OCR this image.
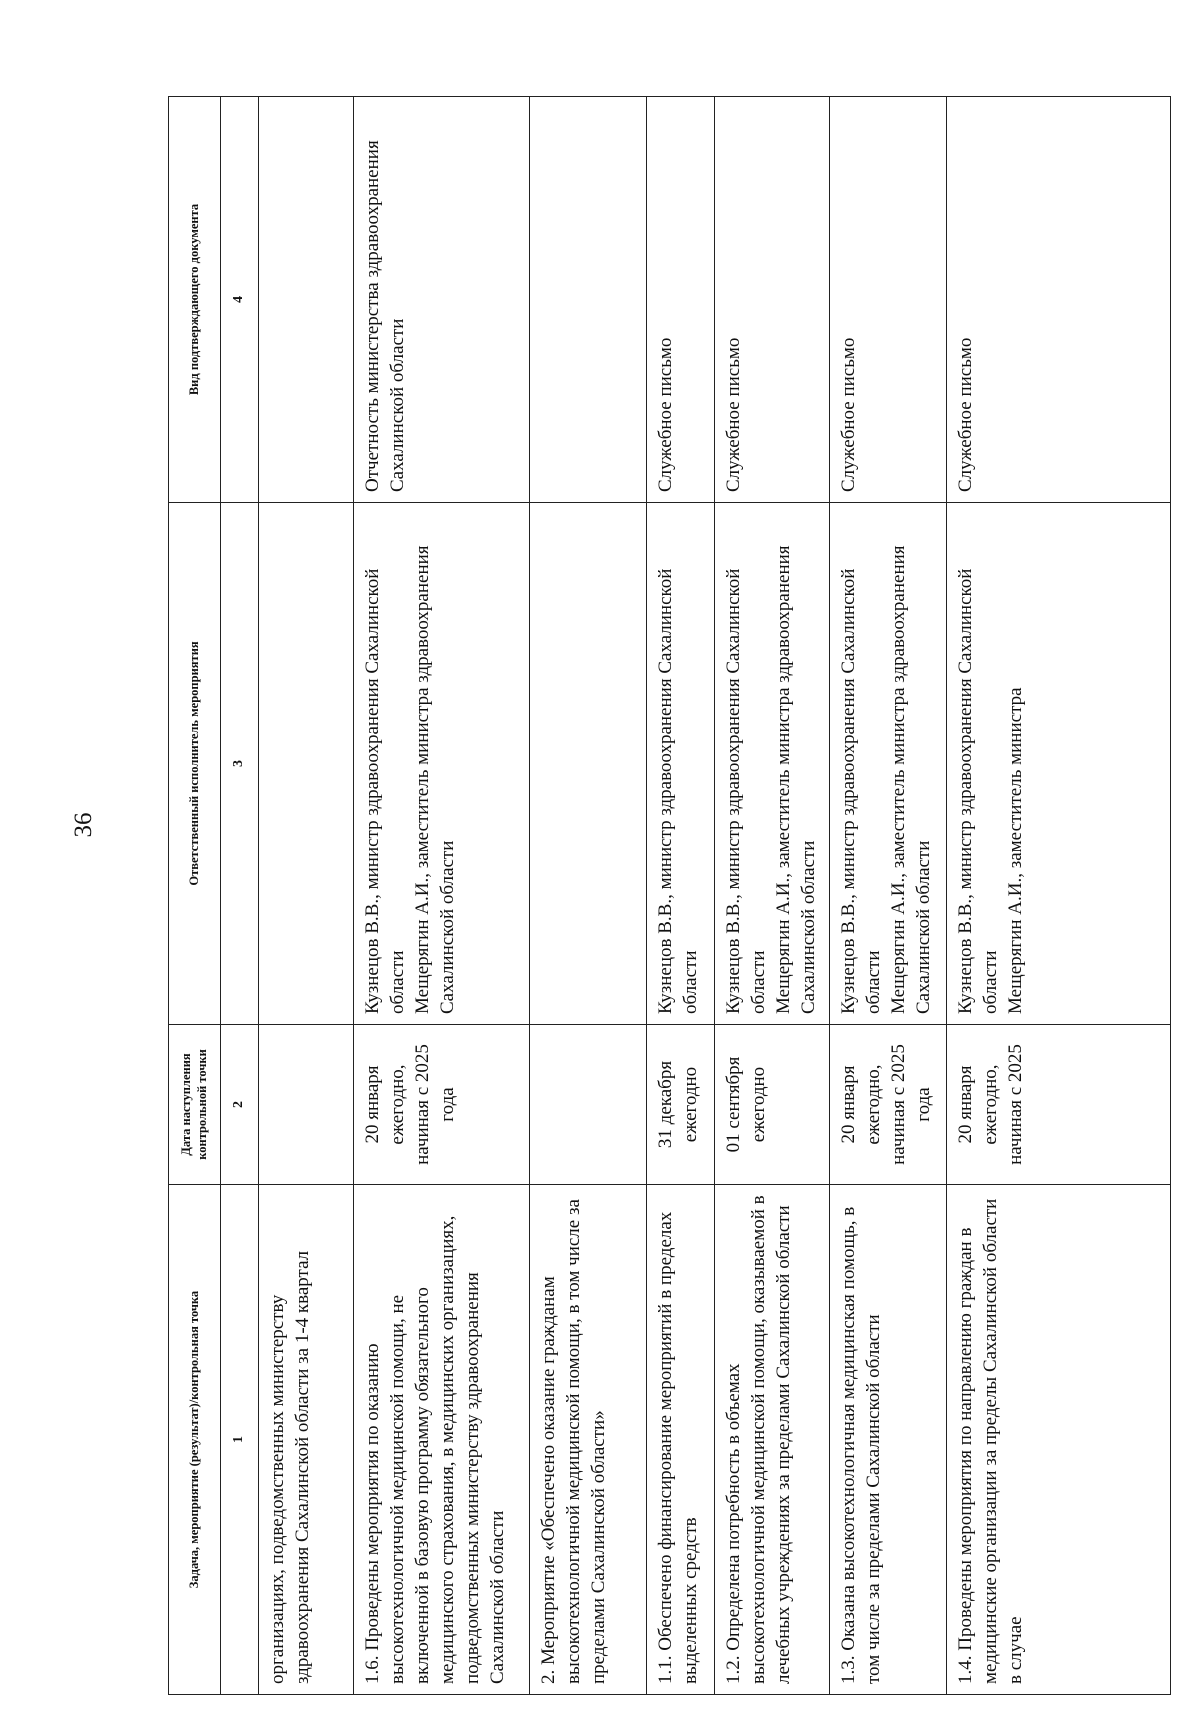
36
Задача, мероприятие (результат)/контрольная точка	Дата наступления контрольной точки	Ответственный исполнитель мероприятия	Вид подтверждающего документа
1	2	3	4
организациях, подведомственных министерству здравоохранения Сахалинской области за 1-4 квартал		

1.6. Проведены мероприятия по оказанию высокотехнологичной медицинской помощи, не включенной в базовую программу обязательного медицинского страхования, в медицинских организациях, подведомственных министерству здравоохранения Сахалинской области	20 января ежегодно, начиная с 2025 года	Кузнецов В.В., министр здравоохранения Сахалинской области Мещерягин А.И., заместитель министра здравоохранения Сахалинской области	Отчетность министерства здравоохранения Сахалинской области
2. Мероприятие «Обеспечено оказание гражданам высокотехнологичной медицинской помощи, в том числе за пределами Сахалинской области»		

1.1. Обеспечено финансирование мероприятий в пределах выделенных средств	31 декабря ежегодно	Кузнецов В.В., министр здравоохранения Сахалинской области	Служебное письмо
1.2. Определена потребность в объемах высокотехнологичной медицинской помощи, оказываемой в лечебных учреждениях за пределами Сахалинской области	01 сентября ежегодно	Кузнецов В.В., министр здравоохранения Сахалинской области Мещерягин А.И., заместитель министра здравоохранения Сахалинской области	Служебное письмо
1.3. Оказана высокотехнологичная медицинская помощь, в том числе за пределами Сахалинской области	20 января ежегодно, начиная с 2025 года	Кузнецов В.В., министр здравоохранения Сахалинской области Мещерягин А.И., заместитель министра здравоохранения Сахалинской области	Служебное письмо
1.4. Проведены мероприятия по направлению граждан в медицинские организации за пределы Сахалинской области в случае	20 января ежегодно, начиная с 2025	Кузнецов В.В., министр здравоохранения Сахалинской области Мещерягин А.И., заместитель министра	Служебное письмо
